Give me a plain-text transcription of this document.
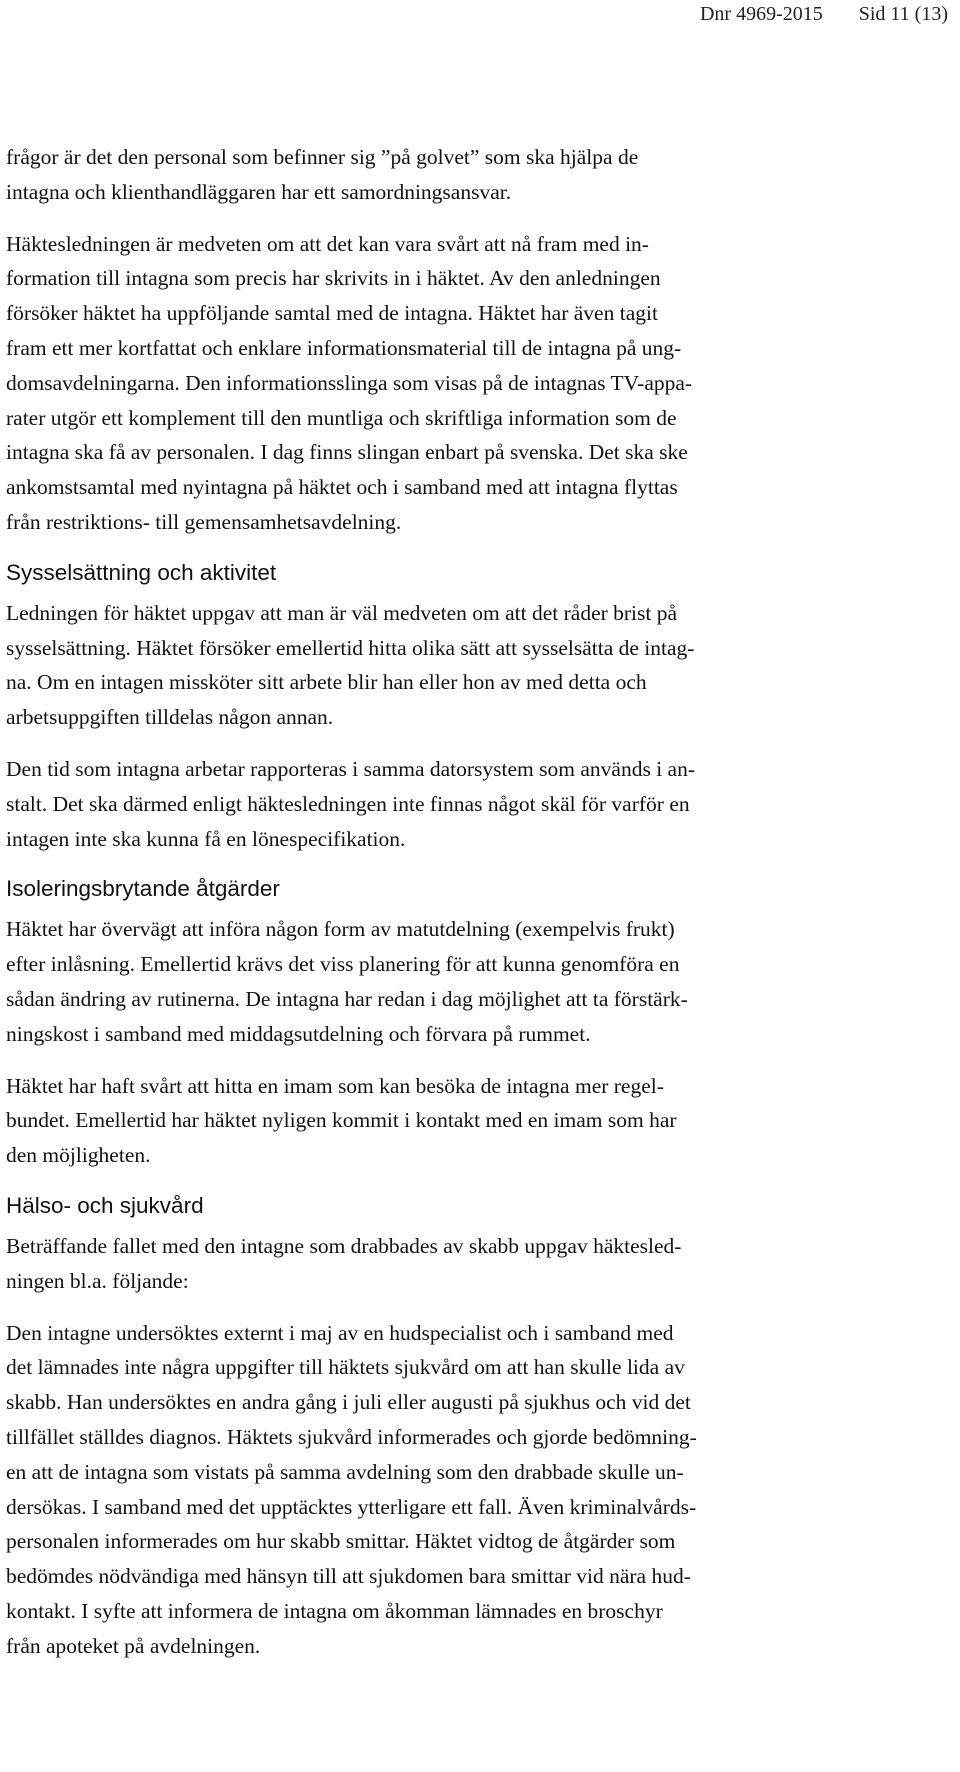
Dnr 4969-2015 Sid 11 (13)

frågor är det den personal som befinner sig ”på golvet” som ska hjälpa de
intagna och klienthandläggaren har ett samordningsansvar.

Häktesledningen är medveten om att det kan vara svårt att nå fram med in-
formation till intagna som precis har skrivits in i häktet. Av den anledningen
försöker häktet ha uppföljande samtal med de intagna. Häktet har även tagit
fram ett mer kortfattat och enklare informationsmaterial till de intagna på ung-
domsavdelningarna. Den informationsslinga som visas på de intagnas TV-appa-
rater utgör ett komplement till den muntliga och skriftliga information som de
intagna ska få av personalen. I dag finns slingan enbart på svenska. Det ska ske
ankomstsamtal med nyintagna på häktet och i samband med att intagna flyttas
från restriktions- till gemensamhetsavdelning.

Sysselsättning och aktivitet

Ledningen för häktet uppgav att man är väl medveten om att det råder brist på
sysselsättning. Häktet försöker emellertid hitta olika sätt att sysselsätta de intag-
na. Om en intagen missköter sitt arbete blir han eller hon av med detta och
arbetsuppgiften tilldelas någon annan.

Den tid som intagna arbetar rapporteras i samma datorsystem som används i an-
stalt. Det ska därmed enligt häktesledningen inte finnas något skäl för varför en
intagen inte ska kunna få en lönespecifikation.

Isoleringsbrytande åtgärder

Häktet har övervägt att införa någon form av matutdelning (exempelvis frukt)
efter inlåsning. Emellertid krävs det viss planering för att kunna genomföra en
sådan ändring av rutinerna. De intagna har redan i dag möjlighet att ta förstärk-
ningskost i samband med middagsutdelning och förvara på rummet.

Häktet har haft svårt att hitta en imam som kan besöka de intagna mer regel-
bundet. Emellertid har häktet nyligen kommit i kontakt med en imam som har
den möjligheten.

Hälso- och sjukvård

Beträffande fallet med den intagne som drabbades av skabb uppgav häktesled-
ningen bl.a. följande:

Den intagne undersöktes externt i maj av en hudspecialist och i samband med
det lämnades inte några uppgifter till häktets sjukvård om att han skulle lida av
skabb. Han undersöktes en andra gång i juli eller augusti på sjukhus och vid det
tillfället ställdes diagnos. Häktets sjukvård informerades och gjorde bedömning-
en att de intagna som vistats på samma avdelning som den drabbade skulle un-
dersökas. I samband med det upptäcktes ytterligare ett fall. Även kriminalvårds-
personalen informerades om hur skabb smittar. Häktet vidtog de åtgärder som
bedömdes nödvändiga med hänsyn till att sjukdomen bara smittar vid nära hud-
kontakt. I syfte att informera de intagna om åkomman lämnades en broschyr
från apoteket på avdelningen.
